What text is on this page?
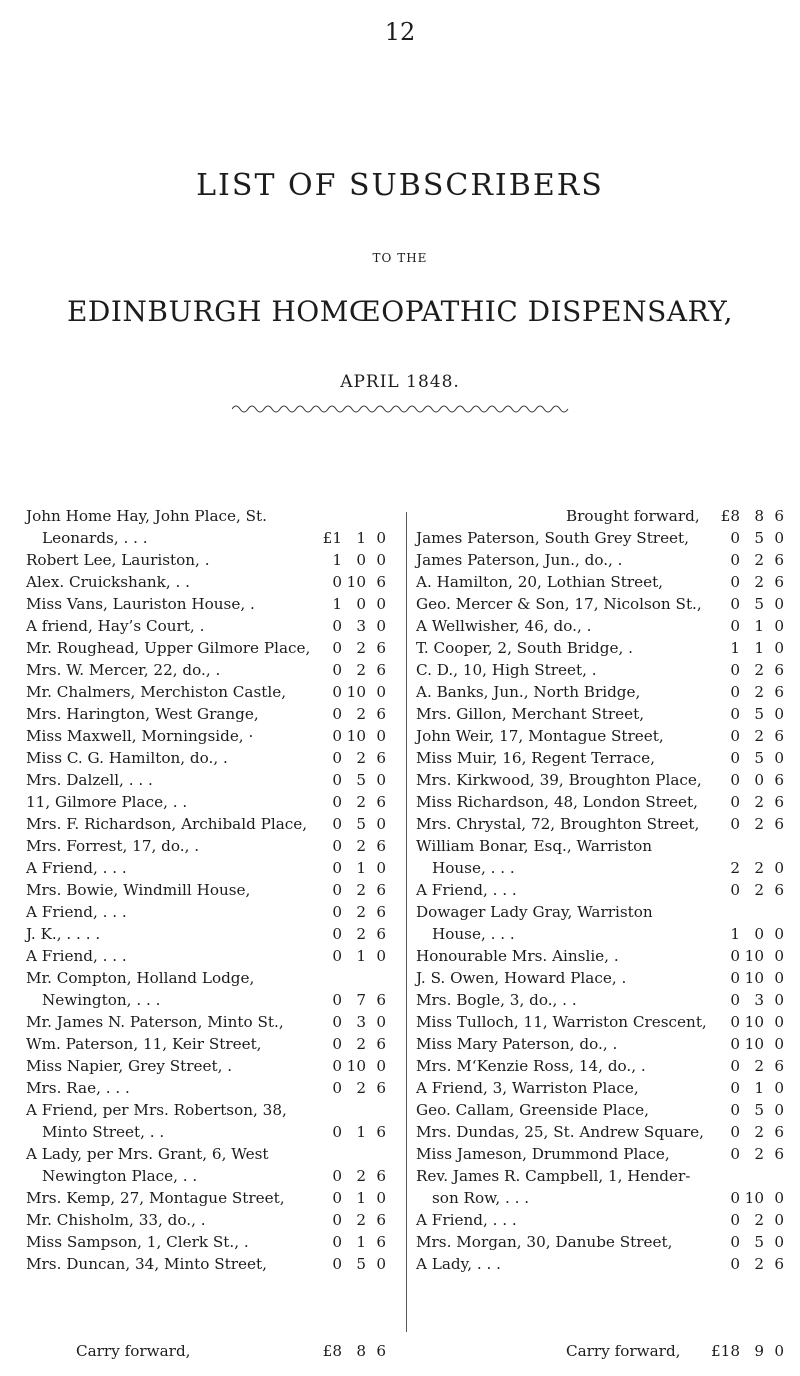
12
LIST OF SUBSCRIBERS
TO THE
EDINBURGH HOMŒOPATHIC DISPENSARY,
APRIL 1848.
John Home Hay, John Place, St.
Leonards, . . .	£1 1 0
Robert Lee, Lauriston, .	1 0 0
Alex. Cruickshank, . .	0 10 6
Miss Vans, Lauriston House, .	1 0 0
A friend, Hay’s Court, .	0 3 0
Mr. Roughead, Upper Gilmore Place,	0 2 6
Mrs. W. Mercer, 22, do., .	0 2 6
Mr. Chalmers, Merchiston Castle,	0 10 0
Mrs. Harington, West Grange,	0 2 6
Miss Maxwell, Morningside, ·	0 10 0
Miss C. G. Hamilton, do., .	0 2 6
Mrs. Dalzell, . . .	0 5 0
11, Gilmore Place, . .	0 2 6
Mrs. F. Richardson, Archibald Place,	0 5 0
Mrs. Forrest, 17, do., .	0 2 6
A Friend, . . .	0 1 0
Mrs. Bowie, Windmill House,	0 2 6
A Friend, . . .	0 2 6
J. K., . . . .	0 2 6
A Friend, . . .	0 1 0
Mr. Compton, Holland Lodge,
Newington, . . .	0 7 6
Mr. James N. Paterson, Minto St.,	0 3 0
Wm. Paterson, 11, Keir Street,	0 2 6
Miss Napier, Grey Street, .	0 10 0
Mrs. Rae, . . .	0 2 6
A Friend, per Mrs. Robertson, 38,
Minto Street, . .	0 1 6
A Lady, per Mrs. Grant, 6, West
Newington Place, . .	0 2 6
Mrs. Kemp, 27, Montague Street,	0 1 0
Mr. Chisholm, 33, do., .	0 2 6
Miss Sampson, 1, Clerk St., .	0 1 6
Mrs. Duncan, 34, Minto Street,	0 5 0
Brought forward,	£8 8 6
James Paterson, South Grey Street,	0 5 0
James Paterson, Jun., do., .	0 2 6
A. Hamilton, 20, Lothian Street,	0 2 6
Geo. Mercer & Son, 17, Nicolson St.,	0 5 0
A Wellwisher, 46, do., .	0 1 0
T. Cooper, 2, South Bridge, .	1 1 0
C. D., 10, High Street, .	0 2 6
A. Banks, Jun., North Bridge,	0 2 6
Mrs. Gillon, Merchant Street,	0 5 0
John Weir, 17, Montague Street,	0 2 6
Miss Muir, 16, Regent Terrace,	0 5 0
Mrs. Kirkwood, 39, Broughton Place,	0 0 6
Miss Richardson, 48, London Street,	0 2 6
Mrs. Chrystal, 72, Broughton Street,	0 2 6
William Bonar, Esq., Warriston
House, . . .	2 2 0
A Friend, . . .	0 2 6
Dowager Lady Gray, Warriston
House, . . .	1 0 0
Honourable Mrs. Ainslie, .	0 10 0
J. S. Owen, Howard Place, .	0 10 0
Mrs. Bogle, 3, do., . .	0 3 0
Miss Tulloch, 11, Warriston Crescent,	0 10 0
Miss Mary Paterson, do., .	0 10 0
Mrs. M‘Kenzie Ross, 14, do., .	0 2 6
A Friend, 3, Warriston Place,	0 1 0
Geo. Callam, Greenside Place,	0 5 0
Mrs. Dundas, 25, St. Andrew Square,	0 2 6
Miss Jameson, Drummond Place,	0 2 6
Rev. James R. Campbell, 1, Hender-
son Row, . . .	0 10 0
A Friend, . . .	0 2 0
Mrs. Morgan, 30, Danube Street,	0 5 0
A Lady, . . .	0 2 6
Carry forward,	£8 8 6	Carry forward,	£18 9 0
